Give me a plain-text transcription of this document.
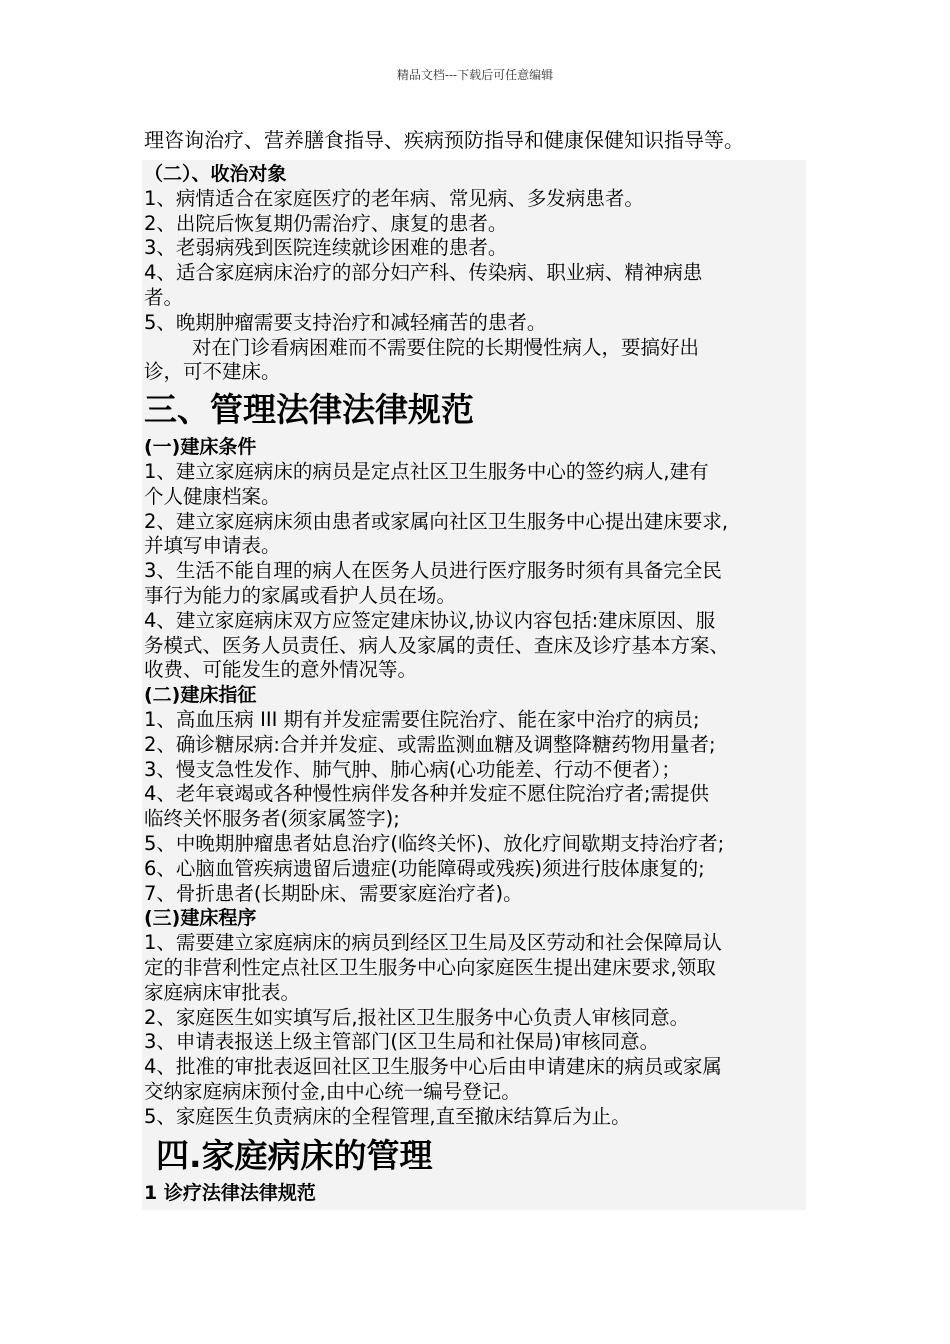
精品文档---下载后可任意编辑
理咨询治疗、营养膳食指导、疾病预防指导和健康保健知识指导等。
（二）、收治对象
1、病情适合在家庭医疗的老年病、常见病、多发病患者。
2、出院后恢复期仍需治疗、康复的患者。
3、老弱病残到医院连续就诊困难的患者。
4、适合家庭病床治疗的部分妇产科、传染病、职业病、精神病患
者。
5、晚期肿瘤需要支持治疗和减轻痛苦的患者。
对在门诊看病困难而不需要住院的长期慢性病人，要搞好出
诊，可不建床。
三、管理法律法律规范
(一)建床条件
1、建立家庭病床的病员是定点社区卫生服务中心的签约病人,建有
个人健康档案。
2、建立家庭病床须由患者或家属向社区卫生服务中心提出建床要求,
并填写申请表。
3、生活不能自理的病人在医务人员进行医疗服务时须有具备完全民
事行为能力的家属或看护人员在场。
4、建立家庭病床双方应签定建床协议,协议内容包括:建床原因、服
务模式、医务人员责任、病人及家属的责任、查床及诊疗基本方案、
收费、可能发生的意外情况等。
(二)建床指征
1、高血压病 III 期有并发症需要住院治疗、能在家中治疗的病员;
2、确诊糖尿病:合并并发症、或需监测血糖及调整降糖药物用量者;
3、慢支急性发作、肺气肿、肺心病(心功能差、行动不便者）；
4、老年衰竭或各种慢性病伴发各种并发症不愿住院治疗者;需提供
临终关怀服务者(须家属签字);
5、中晚期肿瘤患者姑息治疗(临终关怀)、放化疗间歇期支持治疗者;
6、心脑血管疾病遗留后遗症(功能障碍或残疾)须进行肢体康复的;
7、骨折患者(长期卧床、需要家庭治疗者)。
(三)建床程序
1、需要建立家庭病床的病员到经区卫生局及区劳动和社会保障局认
定的非营利性定点社区卫生服务中心向家庭医生提出建床要求,领取
家庭病床审批表。
2、家庭医生如实填写后,报社区卫生服务中心负责人审核同意。
3、申请表报送上级主管部门(区卫生局和社保局)审核同意。
4、批准的审批表返回社区卫生服务中心后由申请建床的病员或家属
交纳家庭病床预付金,由中心统一编号登记。
5、家庭医生负责病床的全程管理,直至撤床结算后为止。
四.家庭病床的管理
1 诊疗法律法律规范
